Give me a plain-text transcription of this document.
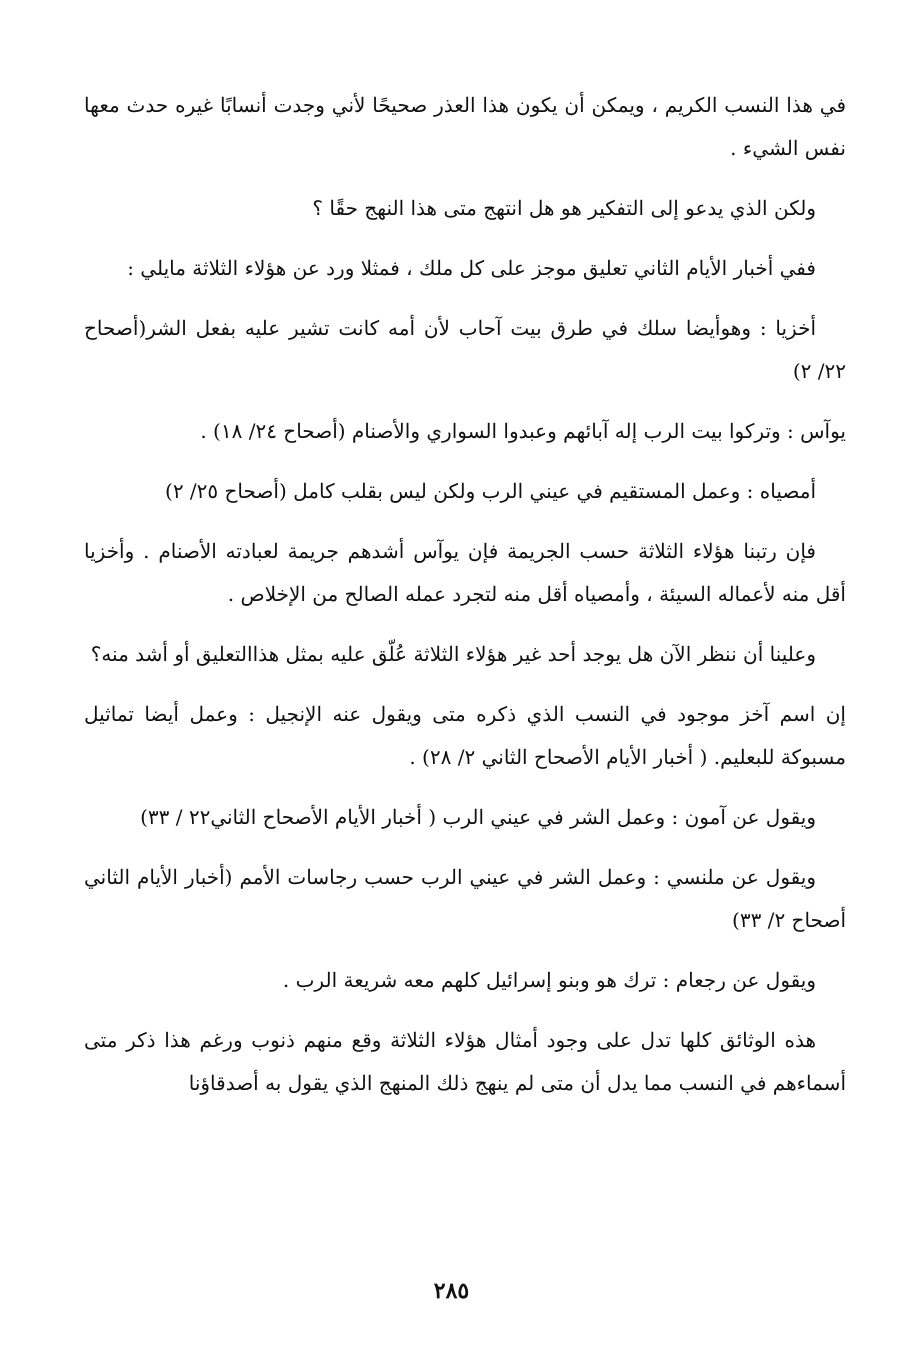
في هذا النسب الكريم ، ويمكن أن يكون هذا العذر صحيحًا لأني وجدت أنسابًا غيره حدث معها نفس الشيء .

ولكن الذي يدعو إلى التفكير هو هل انتهج متى هذا النهج حقًا ؟

ففي أخبار الأيام الثاني تعليق موجز على كل ملك ، فمثلا ورد عن هؤلاء الثلاثة مايلي :

أخزيا : وهوأيضا سلك في طرق بيت آحاب لأن أمه كانت تشير عليه بفعل الشر(أصحاح ٢٢/ ٢)

يوآس : وتركوا بيت الرب إله آبائهم وعبدوا السواري والأصنام (أصحاح ٢٤/ ١٨) .

أمصياه : وعمل المستقيم في عيني الرب ولكن ليس بقلب كامل (أصحاح ٢٥/ ٢)

فإن رتبنا هؤلاء الثلاثة حسب الجريمة فإن يوآس أشدهم جريمة لعبادته الأصنام . وأخزيا أقل منه لأعماله السيئة ، وأمصياه أقل منه لتجرد عمله الصالح من الإخلاص .

وعلينا أن ننظر الآن هل يوجد أحد غير هؤلاء الثلاثة عُلّق عليه بمثل هذاالتعليق أو أشد منه؟

إن اسم آخز موجود في النسب الذي ذكره متى ويقول عنه الإنجيل : وعمل أيضا تماثيل مسبوكة للبعليم. ( أخبار الأيام الأصحاح الثاني ٢/ ٢٨) .

ويقول عن آمون : وعمل الشر في عيني الرب ( أخبار الأيام الأصحاح الثاني٢٢ / ٣٣)

ويقول عن ملنسي : وعمل الشر في عيني الرب حسب رجاسات الأمم (أخبار الأيام الثاني أصحاح ٢/ ٣٣)

ويقول عن رجعام : ترك هو وبنو إسرائيل كلهم معه شريعة الرب .

هذه الوثائق كلها تدل على وجود أمثال هؤلاء الثلاثة وقع منهم ذنوب ورغم هذا ذكر متى أسماءهم في النسب مما يدل أن متى لم ينهج ذلك المنهج الذي يقول به أصدقاؤنا

٢٨٥
